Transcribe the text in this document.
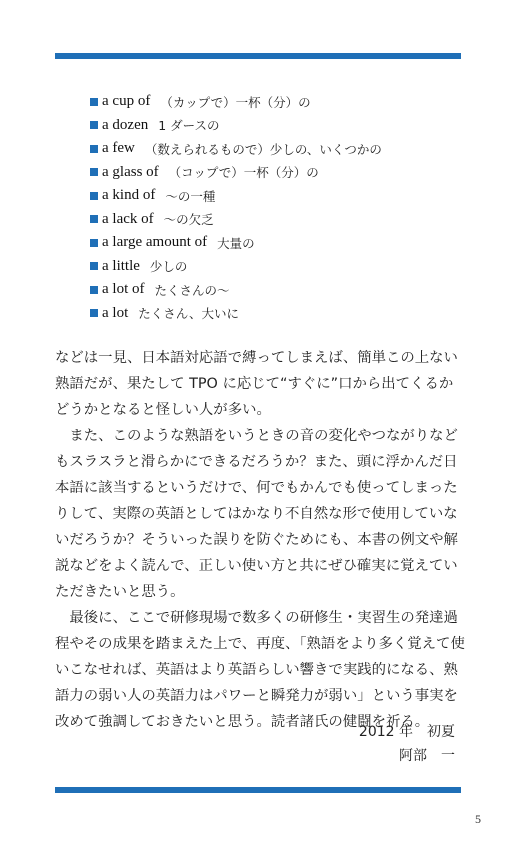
a cup of （カップで）一杯（分）の
a dozen 1 ダースの
a few （数えられるもので）少しの、いくつかの
a glass of （コップで）一杯（分）の
a kind of ～の一種
a lack of ～の欠乏
a large amount of 大量の
a little 少しの
a lot of たくさんの～
a lot たくさん、大いに
などは一見、日本語対応語で縛ってしまえば、簡単この上ない
熟語だが、果たして TPO に応じて“すぐに”口から出てくるか
どうかとなると怪しい人が多い。
　また、このような熟語をいうときの音の変化やつながりなど
もスラスラと滑らかにできるだろうか？また、頭に浮かんだ日
本語に該当するというだけで、何でもかんでも使ってしまった
りして、実際の英語としてはかなり不自然な形で使用していな
いだろうか？そういった誤りを防ぐためにも、本書の例文や解
説などをよく読んで、正しい使い方と共にぜひ確実に覚えてい
ただきたいと思う。
　最後に、ここで研修現場で数多くの研修生・実習生の発達過
程やその成果を踏まえた上で、再度、「熟語をより多く覚えて使
いこなせれば、英語はより英語らしい響きで実践的になる、熟
語力の弱い人の英語力はパワーと瞬発力が弱い」という事実を
改めて強調しておきたいと思う。読者諸氏の健闘を祈る。
2012 年　初夏
阿部　一
5
